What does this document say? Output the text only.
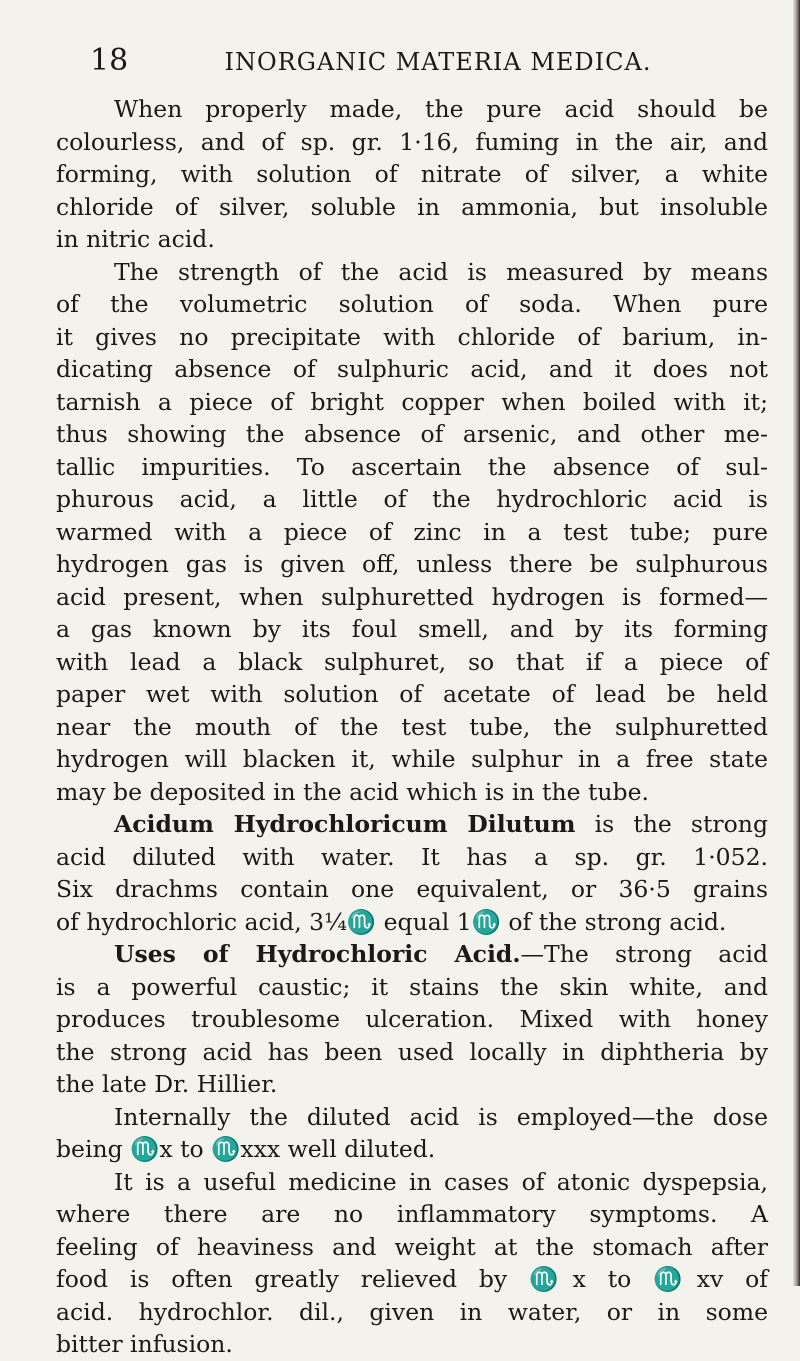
18	INORGANIC MATERIA MEDICA.
When properly made, the pure acid should be
colourless, and of sp. gr. 1·16, fuming in the air, and
forming, with solution of nitrate of silver, a white
chloride of silver, soluble in ammonia, but insoluble
in nitric acid.
The strength of the acid is measured by means
of the volumetric solution of soda. When pure
it gives no precipitate with chloride of barium, in-
dicating absence of sulphuric acid, and it does not
tarnish a piece of bright copper when boiled with it;
thus showing the absence of arsenic, and other me-
tallic impurities. To ascertain the absence of sul-
phurous acid, a little of the hydrochloric acid is
warmed with a piece of zinc in a test tube; pure
hydrogen gas is given off, unless there be sulphurous
acid present, when sulphuretted hydrogen is formed—
a gas known by its foul smell, and by its forming
with lead a black sulphuret, so that if a piece of
paper wet with solution of acetate of lead be held
near the mouth of the test tube, the sulphuretted
hydrogen will blacken it, while sulphur in a free state
may be deposited in the acid which is in the tube.
Acidum Hydrochloricum Dilutum is the strong
acid diluted with water. It has a sp. gr. 1·052.
Six drachms contain one equivalent, or 36·5 grains
of hydrochloric acid, 3¼♏ equal 1♏ of the strong acid.
Uses of Hydrochloric Acid.—The strong acid
is a powerful caustic; it stains the skin white, and
produces troublesome ulceration. Mixed with honey
the strong acid has been used locally in diphtheria by
the late Dr. Hillier.
Internally the diluted acid is employed—the dose
being ♏x to ♏xxx well diluted.
It is a useful medicine in cases of atonic dyspepsia,
where there are no inflammatory symptoms. A
feeling of heaviness and weight at the stomach after
food is often greatly relieved by ♏x to ♏xv of
acid. hydrochlor. dil., given in water, or in some
bitter infusion.
